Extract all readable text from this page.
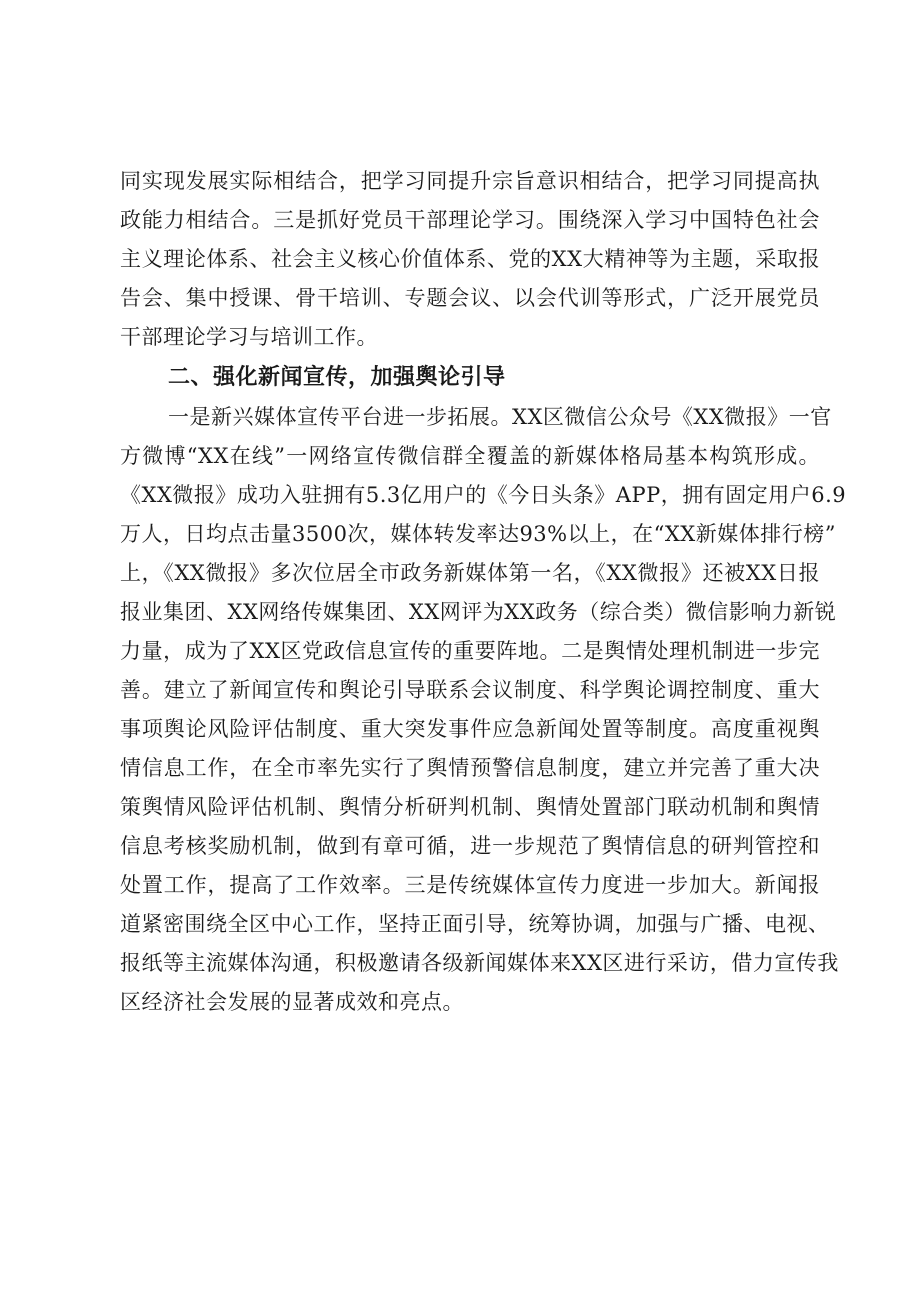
同实现发展实际相结合，把学习同提升宗旨意识相结合，把学习同提高执
政能力相结合。三是抓好党员干部理论学习。围绕深入学习中国特色社会
主义理论体系、社会主义核心价值体系、党的XX大精神等为主题，采取报
告会、集中授课、骨干培训、专题会议、以会代训等形式，广泛开展党员
干部理论学习与培训工作。
二、强化新闻宣传，加强舆论引导
一是新兴媒体宣传平台进一步拓展。XX区微信公众号《XX微报》一官
方微博“XX在线”一网络宣传微信群全覆盖的新媒体格局基本构筑形成。
《XX微报》成功入驻拥有5.3亿用户的《今日头条》APP，拥有固定用户6.9
万人，日均点击量3500次，媒体转发率达93%以上，在“XX新媒体排行榜”
上，《XX微报》多次位居全市政务新媒体第一名，《XX微报》还被XX日报
报业集团、XX网络传媒集团、XX网评为XX政务（综合类）微信影响力新锐
力量，成为了XX区党政信息宣传的重要阵地。二是舆情处理机制进一步完
善。建立了新闻宣传和舆论引导联系会议制度、科学舆论调控制度、重大
事项舆论风险评估制度、重大突发事件应急新闻处置等制度。高度重视舆
情信息工作，在全市率先实行了舆情预警信息制度，建立并完善了重大决
策舆情风险评估机制、舆情分析研判机制、舆情处置部门联动机制和舆情
信息考核奖励机制，做到有章可循，进一步规范了舆情信息的研判管控和
处置工作，提高了工作效率。三是传统媒体宣传力度进一步加大。新闻报
道紧密围绕全区中心工作，坚持正面引导，统筹协调，加强与广播、电视、
报纸等主流媒体沟通，积极邀请各级新闻媒体来XX区进行采访，借力宣传我
区经济社会发展的显著成效和亮点。
